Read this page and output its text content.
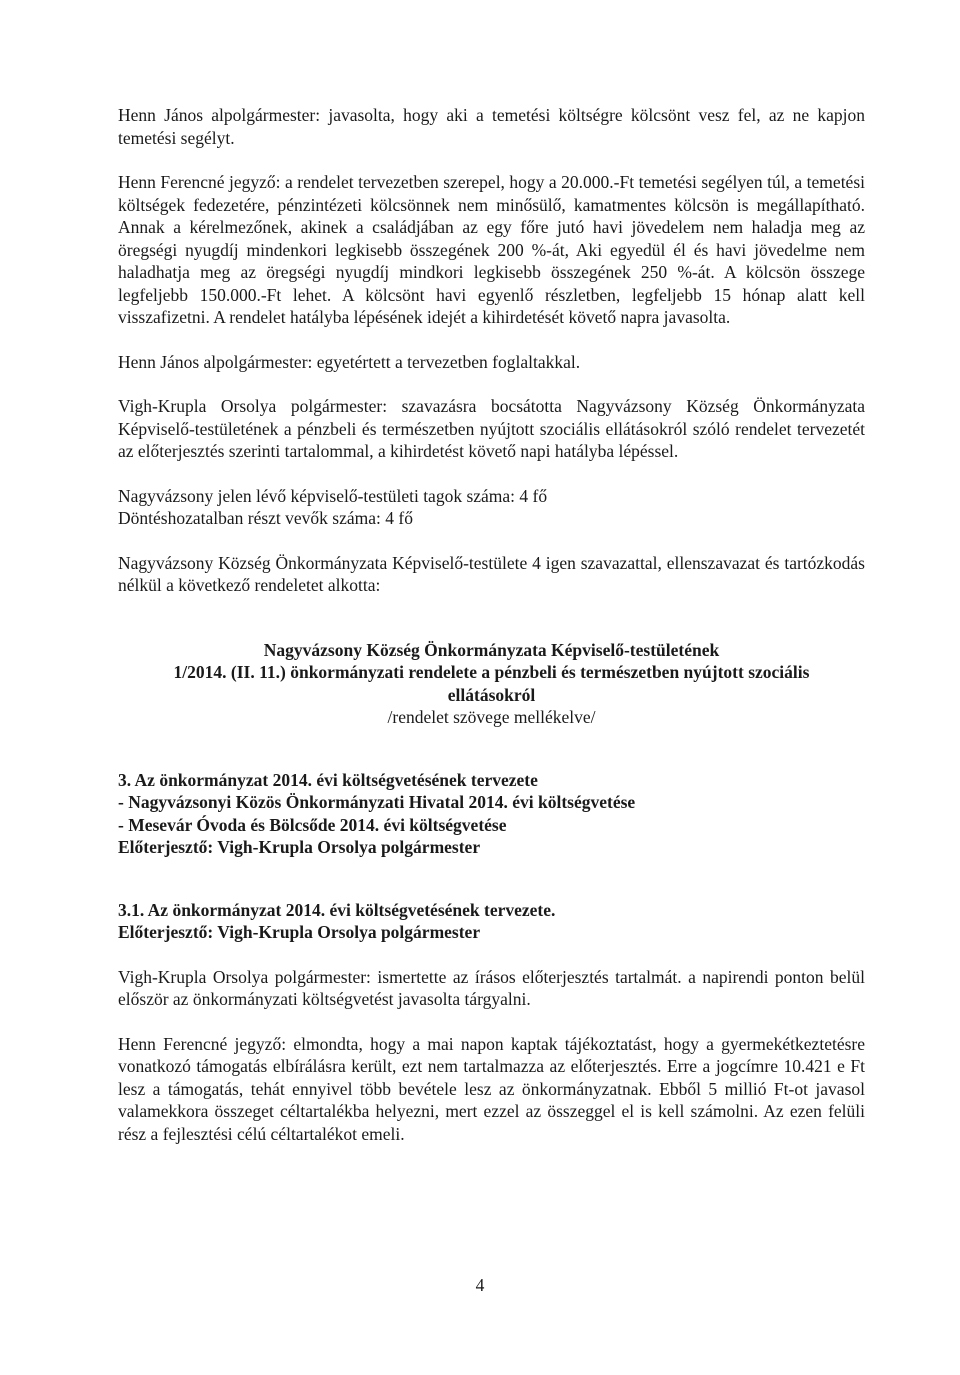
Henn János alpolgármester: javasolta, hogy aki a temetési költségre kölcsönt vesz fel, az ne kapjon temetési segélyt.

Henn Ferencné jegyző: a rendelet tervezetben szerepel, hogy a 20.000.-Ft temetési segélyen túl, a temetési költségek fedezetére, pénzintézeti kölcsönnek nem minősülő, kamatmentes kölcsön is megállapítható. Annak a kérelmezőnek, akinek a családjában az egy főre jutó havi jövedelem nem haladja meg az öregségi nyugdíj mindenkori legkisebb összegének 200 %-át, Aki egyedül él és havi jövedelme nem haladhatja meg az öregségi nyugdíj mindkori legkisebb összegének 250 %-át. A kölcsön összege legfeljebb 150.000.-Ft lehet. A kölcsönt havi egyenlő részletben, legfeljebb 15 hónap alatt kell visszafizetni. A rendelet hatályba lépésének idejét a kihirdetését követő napra javasolta.

Henn János alpolgármester: egyetértett a tervezetben foglaltakkal.

Vigh-Krupla Orsolya polgármester: szavazásra bocsátotta Nagyvázsony Község Önkormányzata Képviselő-testületének a pénzbeli és természetben nyújtott szociális ellátásokról szóló rendelet tervezetét az előterjesztés szerinti tartalommal, a kihirdetést követő napi hatályba lépéssel.

Nagyvázsony jelen lévő képviselő-testületi tagok száma: 4 fő

Döntéshozatalban részt vevők száma: 4 fő

Nagyvázsony Község Önkormányzata Képviselő-testülete 4 igen szavazattal, ellenszavazat és tartózkodás nélkül a következő rendeletet alkotta:

Nagyvázsony Község Önkormányzata Képviselő-testületének

1/2014. (II. 11.) önkormányzati rendelete a pénzbeli és természetben nyújtott szociális

ellátásokról

/rendelet szövege mellékelve/

3. Az önkormányzat 2014. évi költségvetésének tervezete

- Nagyvázsonyi Közös Önkormányzati Hivatal 2014. évi költségvetése

- Mesevár Óvoda és Bölcsőde 2014. évi költségvetése

Előterjesztő: Vigh-Krupla Orsolya polgármester

3.1. Az önkormányzat 2014. évi költségvetésének tervezete.

Előterjesztő: Vigh-Krupla Orsolya polgármester

Vigh-Krupla Orsolya polgármester: ismertette az írásos előterjesztés tartalmát. a napirendi ponton belül először az önkormányzati költségvetést javasolta tárgyalni.

Henn Ferencné jegyző: elmondta, hogy a mai napon kaptak tájékoztatást, hogy a gyermekétkeztetésre vonatkozó támogatás elbírálásra került, ezt nem tartalmazza az előterjesztés. Erre a jogcímre 10.421 e Ft lesz a támogatás, tehát ennyivel több bevétele lesz az önkormányzatnak. Ebből 5 millió Ft-ot javasol valamekkora összeget céltartalékba helyezni, mert ezzel az összeggel el is kell számolni. Az ezen felüli rész a fejlesztési célú céltartalékot emeli.

4
